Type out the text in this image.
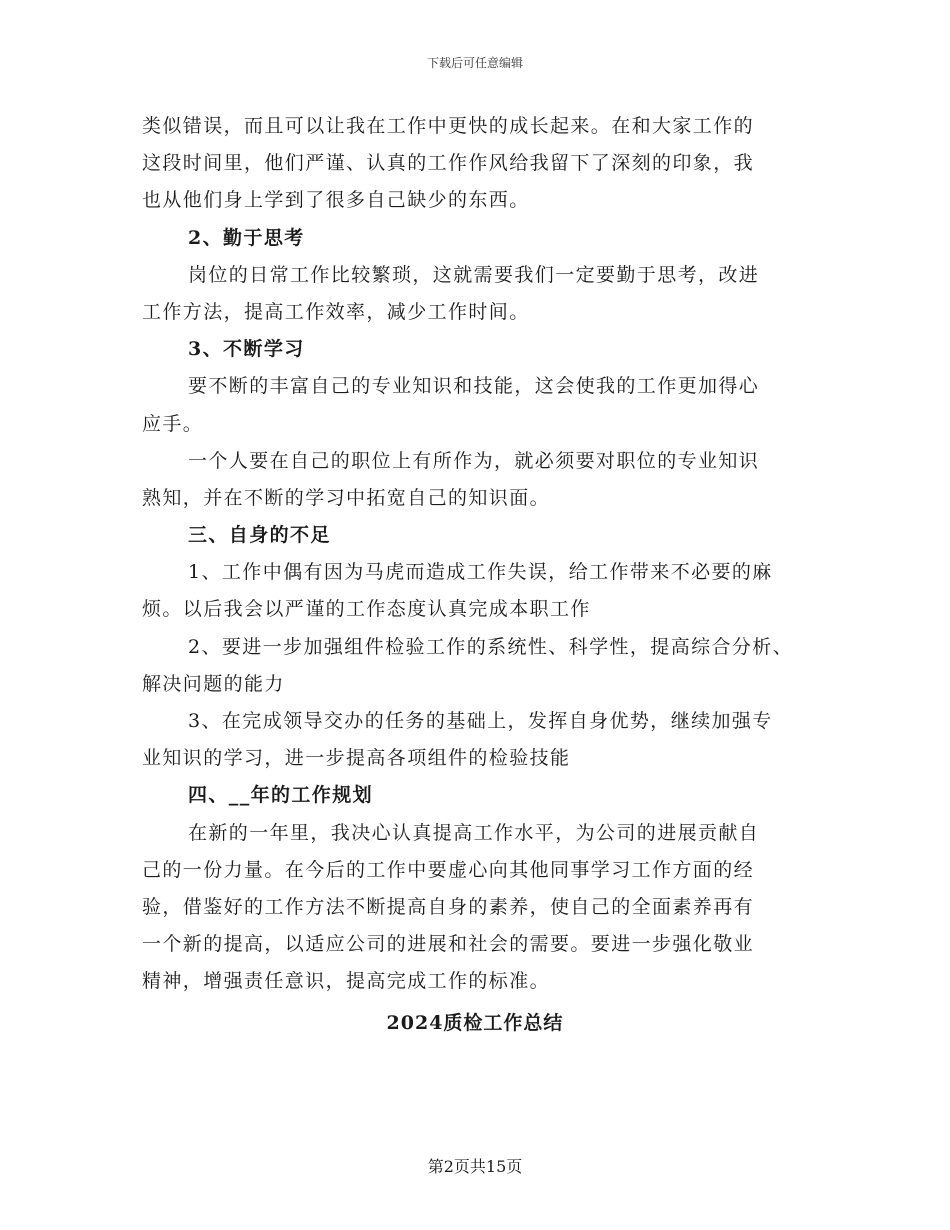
下载后可任意编辑
类似错误，而且可以让我在工作中更快的成长起来。在和大家工作的
这段时间里，他们严谨、认真的工作作风给我留下了深刻的印象，我
也从他们身上学到了很多自己缺少的东西。
2、勤于思考
岗位的日常工作比较繁琐，这就需要我们一定要勤于思考，改进
工作方法，提高工作效率，减少工作时间。
3、不断学习
要不断的丰富自己的专业知识和技能，这会使我的工作更加得心
应手。
一个人要在自己的职位上有所作为，就必须要对职位的专业知识
熟知，并在不断的学习中拓宽自己的知识面。
三、自身的不足
1、工作中偶有因为马虎而造成工作失误，给工作带来不必要的麻
烦。以后我会以严谨的工作态度认真完成本职工作
2、要进一步加强组件检验工作的系统性、科学性，提高综合分析、
解决问题的能力
3、在完成领导交办的任务的基础上，发挥自身优势，继续加强专
业知识的学习，进一步提高各项组件的检验技能
四、__年的工作规划
在新的一年里，我决心认真提高工作水平，为公司的进展贡献自
己的一份力量。在今后的工作中要虚心向其他同事学习工作方面的经
验，借鉴好的工作方法不断提高自身的素养，使自己的全面素养再有
一个新的提高，以适应公司的进展和社会的需要。要进一步强化敬业
精神，增强责任意识，提高完成工作的标准。
2024质检工作总结
第2页共15页
